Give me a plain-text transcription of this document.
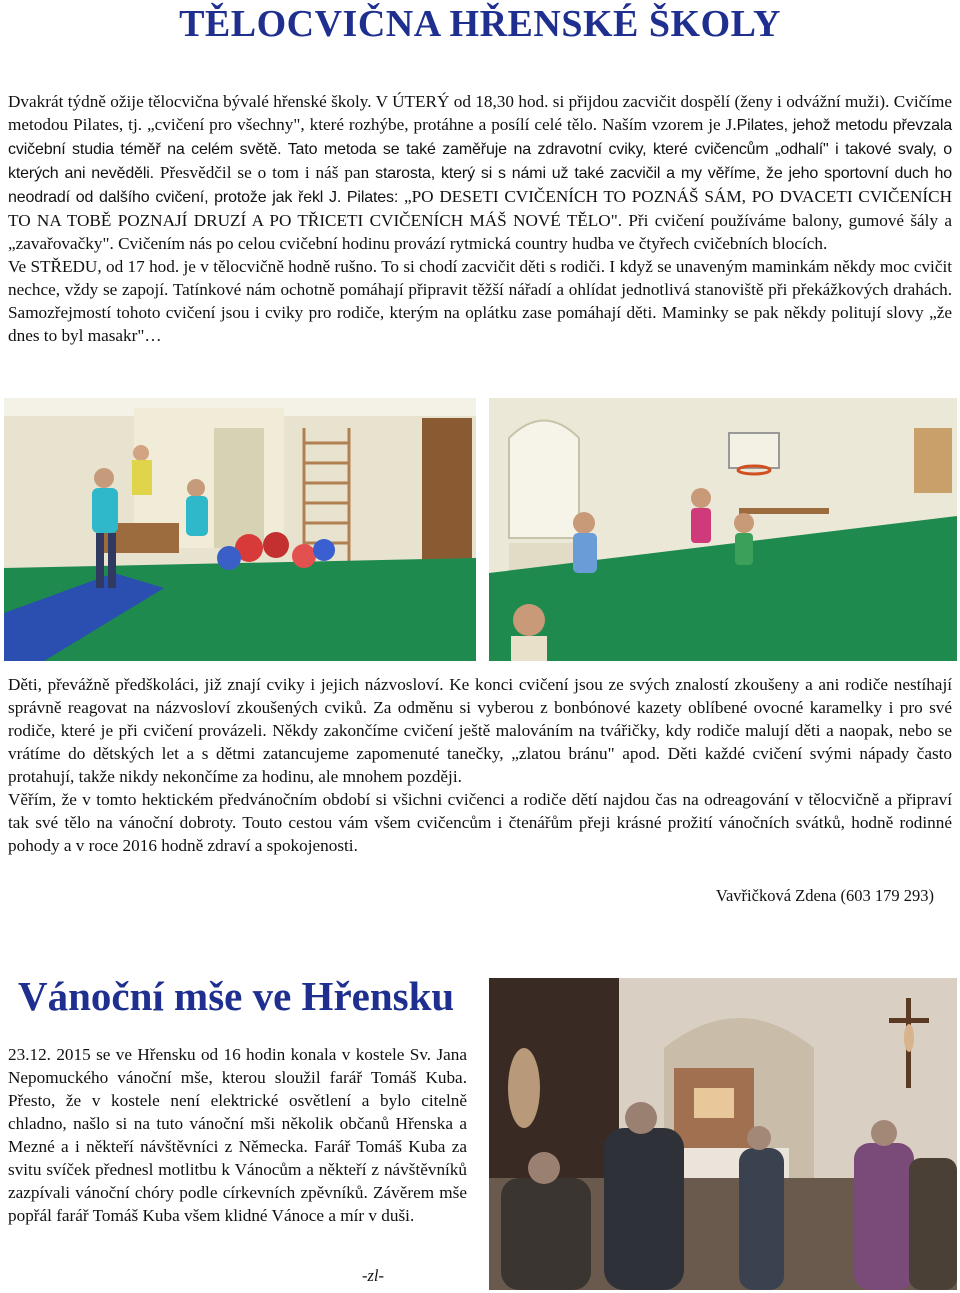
TĚLOCVIČNA HŘENSKÉ ŠKOLY

Dvakrát týdně ožije tělocvična bývalé hřenské školy. V ÚTERÝ od 18,30 hod. si přijdou zacvičit dospělí (ženy i odvážní muži). Cvičíme metodou Pilates, tj. „cvičení pro všechny", které rozhýbe, protáhne a posílí celé tělo. Naším vzorem je J.Pilates, jehož metodu převzala cvičební studia téměř na celém světě. Tato metoda se také zaměřuje na zdravotní cviky, které cvičencům „odhalí" i takové svaly, o kterých ani nevěděli. Přesvědčil se o tom i náš pan starosta, který si s námi už také zacvičil a my věříme, že jeho sportovní duch ho neodradí od dalšího cvičení, protože jak řekl J. Pilates: „PO DESETI CVIČENÍCH TO POZNÁŠ SÁM, PO DVACETI CVIČENÍCH TO NA TOBĚ POZNAJÍ DRUZÍ A PO TŘICETI CVIČENÍCH MÁŠ NOVÉ TĚLO". Při cvičení používáme balony, gumové šály a „zavařovačky". Cvičením nás po celou cvičební hodinu provází rytmická country hudba ve čtyřech cvičebních blocích.

Ve STŘEDU, od 17 hod. je v tělocvičně hodně rušno. To si chodí zacvičit děti s rodiči. I když se unaveným maminkám někdy moc cvičit nechce, vždy se zapojí. Tatínkové nám ochotně pomáhají připravit těžší nářadí a ohlídat jednotlivá stanoviště při překážkových drahách. Samozřejmostí tohoto cvičení jsou i cviky pro rodiče, kterým na oplátku zase pomáhají děti. Maminky se pak někdy politují slovy „že dnes to byl masakr"…

Děti, převážně předškoláci, již znají cviky i jejich názvosloví. Ke konci cvičení jsou ze svých znalostí zkoušeny a ani rodiče nestíhají správně reagovat na názvosloví zkoušených cviků. Za odměnu si vyberou z bonbónové kazety oblíbené ovocné karamelky i pro své rodiče, které je při cvičení provázeli. Někdy zakončíme cvičení ještě malováním na tvářičky, kdy rodiče malují děti a naopak, nebo se vrátíme do dětských let a s dětmi zatancujeme zapomenuté tanečky, „zlatou bránu" apod. Děti každé cvičení svými nápady často protahují, takže nikdy nekončíme za hodinu, ale mnohem později.

Věřím, že v tomto hektickém předvánočním období si všichni cvičenci a rodiče dětí najdou čas na odreagování v tělocvičně a připraví tak své tělo na vánoční dobroty. Touto cestou vám všem cvičencům i čtenářům přeji krásné prožití vánočních svátků, hodně rodinné pohody a v roce 2016 hodně zdraví a spokojenosti.

Vavřičková Zdena (603 179 293)
Vánoční mše ve Hřensku

23.12. 2015 se ve Hřensku od 16 hodin konala v kostele Sv. Jana Nepomuckého vánoční mše, kterou sloužil farář Tomáš Kuba. Přesto, že v kostele není elektrické osvětlení a bylo citelně chladno, našlo si na tuto vánoční mši několik občanů Hřenska a Mezné a i někteří návštěvníci z Německa. Farář Tomáš Kuba za svitu svíček přednesl motlitbu k Vánocům a někteří z návštěvníků zazpívali vánoční chóry podle církevních zpěvníků. Závěrem mše popřál farář Tomáš Kuba všem klidné Vánoce a mír v duši.

-zl-
